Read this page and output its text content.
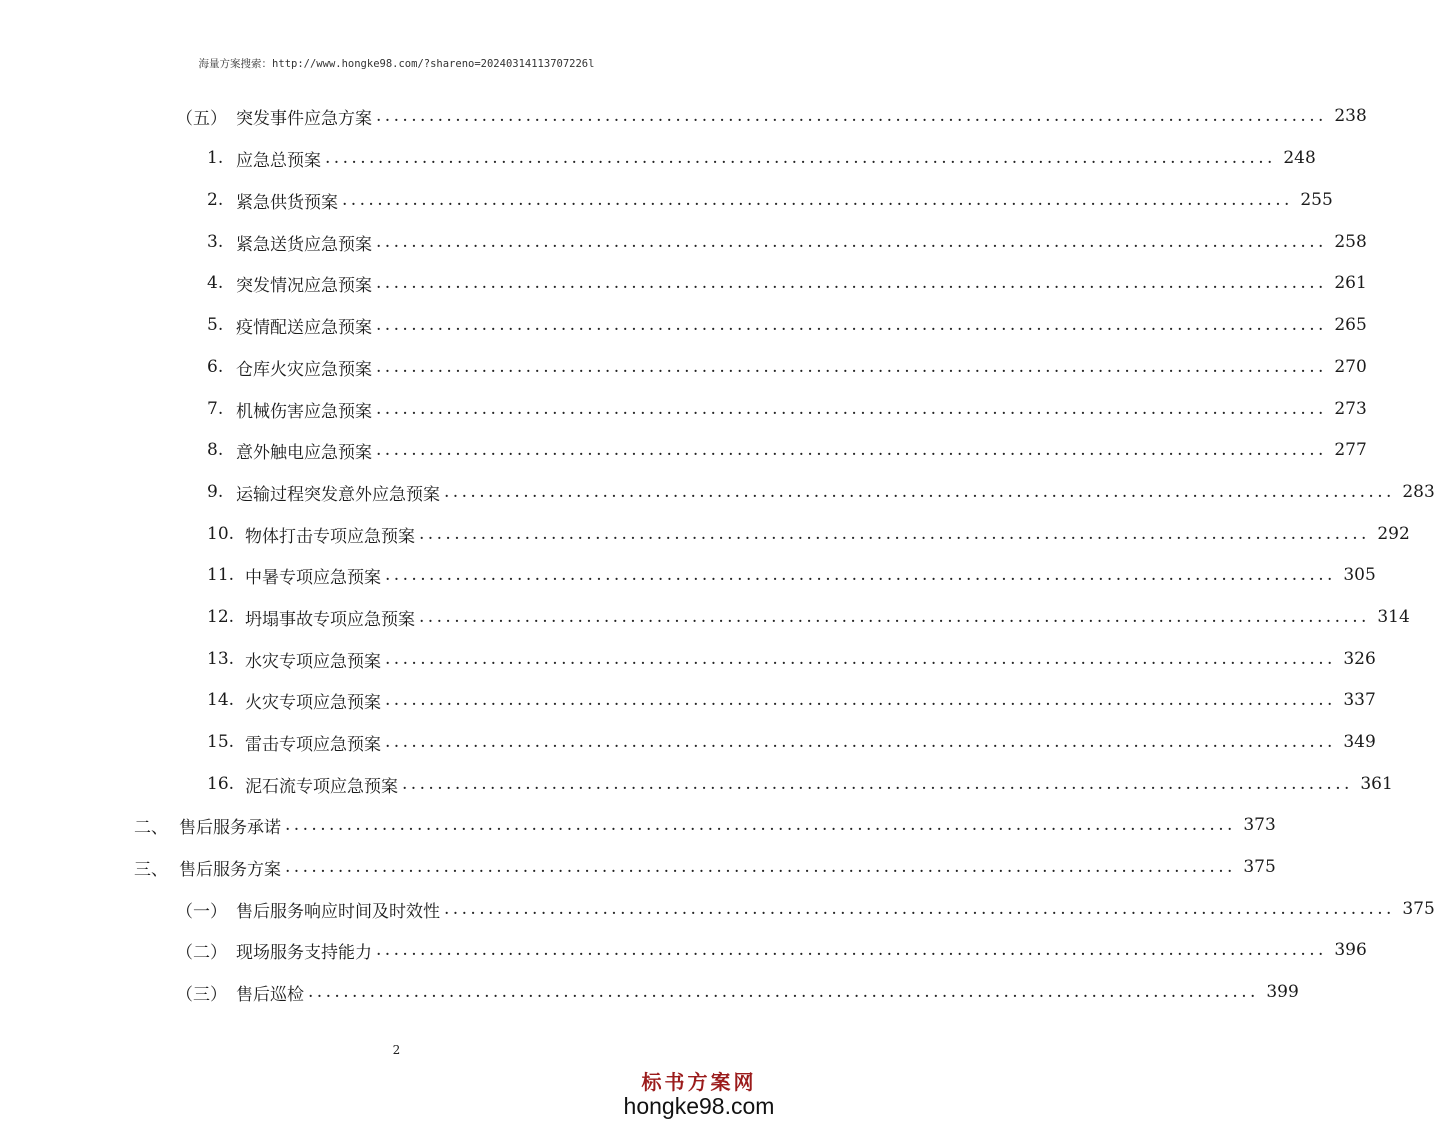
海量方案搜索：http://www.hongke98.com/?shareno=20240314113707226l
（五） 突发事件应急方案 ............................................................................................................ 238
1. 应急总预案 ............................................................................................................ 248
2. 紧急供货预案 ............................................................................................................ 255
3. 紧急送货应急预案 ............................................................................................................ 258
4. 突发情况应急预案 ............................................................................................................ 261
5. 疫情配送应急预案 ............................................................................................................ 265
6. 仓库火灾应急预案 ............................................................................................................ 270
7. 机械伤害应急预案 ............................................................................................................ 273
8. 意外触电应急预案 ............................................................................................................ 277
9. 运输过程突发意外应急预案 ............................................................................................................ 283
10. 物体打击专项应急预案 ............................................................................................................ 292
11. 中暑专项应急预案 ............................................................................................................ 305
12. 坍塌事故专项应急预案 ............................................................................................................ 314
13. 水灾专项应急预案 ............................................................................................................ 326
14. 火灾专项应急预案 ............................................................................................................ 337
15. 雷击专项应急预案 ............................................................................................................ 349
16. 泥石流专项应急预案 ............................................................................................................ 361
二、 售后服务承诺 ............................................................................................................ 373
三、 售后服务方案 ............................................................................................................ 375
（一） 售后服务响应时间及时效性 ............................................................................................................ 375
（二） 现场服务支持能力 ............................................................................................................ 396
（三） 售后巡检 ............................................................................................................ 399
2
标书方案网
hongke98.com
